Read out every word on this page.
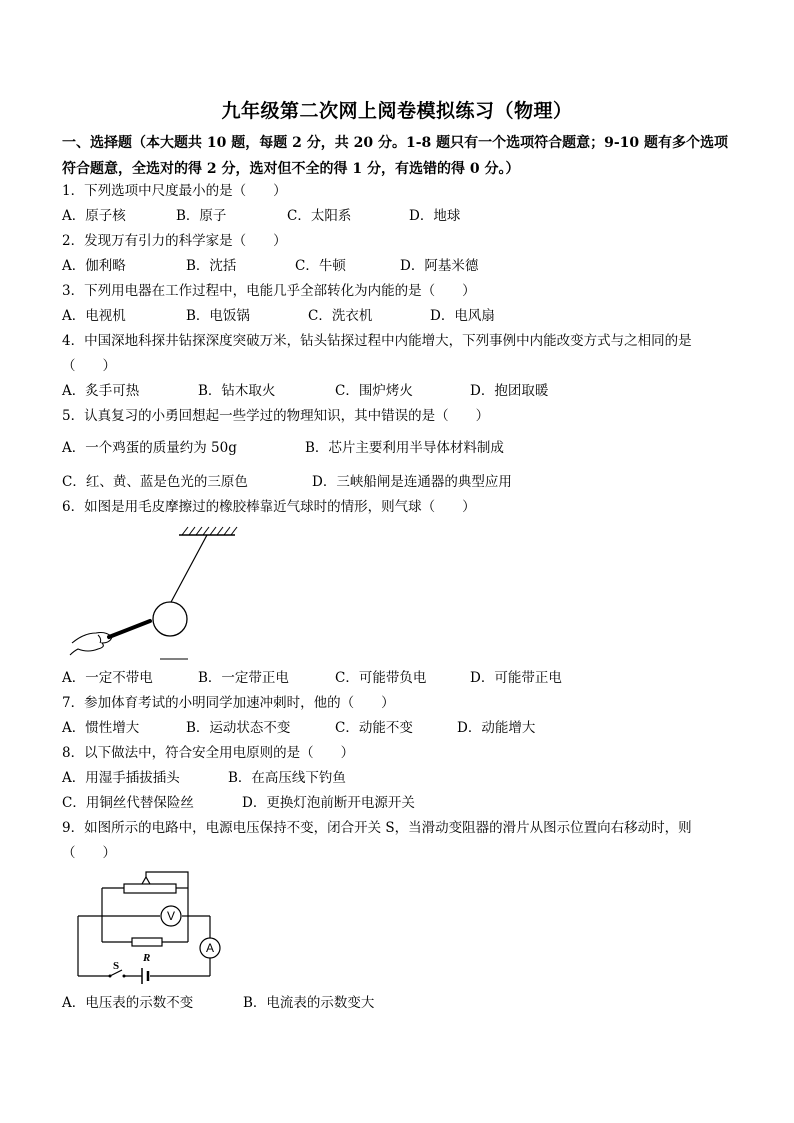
九年级第二次网上阅卷模拟练习（物理）
一、选择题（本大题共 10 题，每题 2 分，共 20 分。1-8 题只有一个选项符合题意；9-10 题有多个选项符合题意，全选对的得 2 分，选对但不全的得 1 分，有选错的得 0 分。）
1．下列选项中尺度最小的是（　　）
A．原子核	B．原子	C．太阳系	D．地球
2．发现万有引力的科学家是（　　）
A．伽利略	B．沈括	C．牛顿	D．阿基米德
3．下列用电器在工作过程中，电能几乎全部转化为内能的是（　　）
A．电视机	B．电饭锅	C．洗衣机	D．电风扇
4．中国深地科探井钻探深度突破万米，钻头钻探过程中内能增大，下列事例中内能改变方式与之相同的是
（　　）
A．炙手可热	B．钻木取火	C．围炉烤火	D．抱团取暖
5．认真复习的小勇回想起一些学过的物理知识，其中错误的是（　　）
A．一个鸡蛋的质量约为 50g	B．芯片主要利用半导体材料制成
C．红、黄、蓝是色光的三原色	D．三峡船闸是连通器的典型应用
6．如图是用毛皮摩擦过的橡胶棒靠近气球时的情形，则气球（　　）
A．一定不带电	B．一定带正电	C．可能带负电	D．可能带正电
7．参加体育考试的小明同学加速冲刺时，他的（　　）
A．惯性增大	B．运动状态不变	C．动能不变	D．动能增大
8．以下做法中，符合安全用电原则的是（　　）
A．用湿手插拔插头	B．在高压线下钓鱼
C．用铜丝代替保险丝	D．更换灯泡前断开电源开关
9．如图所示的电路中，电源电压保持不变，闭合开关 S，当滑动变阻器的滑片从图示位置向右移动时，则
（　　）
V
A
S
R
A．电压表的示数不变	B．电流表的示数变大
